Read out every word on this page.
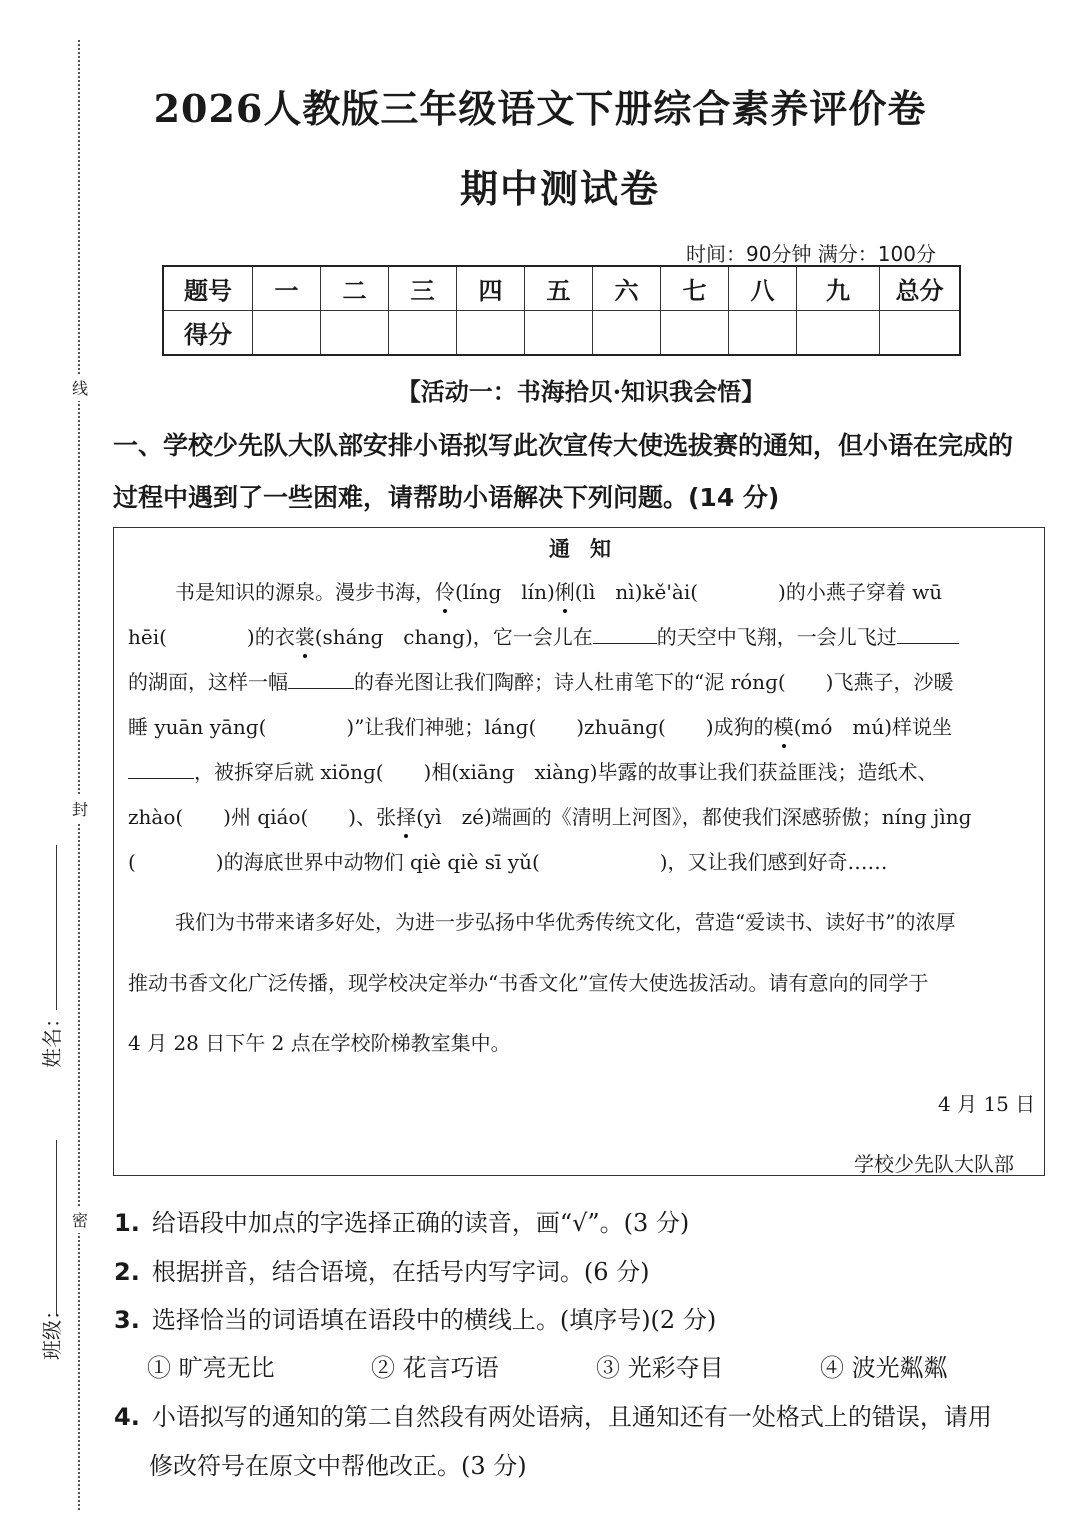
线
封
密
姓名：
班级：
2026人教版三年级语文下册综合素养评价卷
期中测试卷
时间：90分钟 满分：100分
题号	一	二	三	四	五	六	七	八	九	总分
得分										
【活动一：书海拾贝·知识我会悟】
一、学校少先队大队部安排小语拟写此次宣传大使选拔赛的通知，但小语在完成的
过程中遇到了一些困难，请帮助小语解决下列问题。(14 分)
通知
书是知识的源泉。漫步书海，伶(líng　lín)俐(lì　nì)kě'ài(　　　　)的小燕子穿着 wū
hēi(　　　　)的衣裳(shánɡ　chang)，它一会儿在	的天空中飞翔，一会儿飞过
的湖面，这样一幅	的春光图让我们陶醉；诗人杜甫笔下的“泥 rónɡ(　　)飞燕子，沙暖
睡 yuān yānɡ(　　　　)”让我们神驰；lánɡ(　　)zhuānɡ(　　)成狗的模(mó　mú)样说坐
，被拆穿后就 xiōnɡ(　　)相(xiānɡ　xiànɡ)毕露的故事让我们获益匪浅；造纸术、
zhào(　　)州 qiáo(　　)、张择(yì　zé)端画的《清明上河图》，都使我们深感骄傲；nínɡ jìnɡ
(　　　　)的海底世界中动物们 qiè qiè sī yǔ(　　　　　　)，又让我们感到好奇……
我们为书带来诸多好处，为进一步弘扬中华优秀传统文化，营造“爱读书、读好书”的浓厚
推动书香文化广泛传播，现学校决定举办“书香文化”宣传大使选拔活动。请有意向的同学于
4 月 28 日下午 2 点在学校阶梯教室集中。
4 月 15 日
学校少先队大队部
1. 给语段中加点的字选择正确的读音，画“√”。(3 分)
2. 根据拼音，结合语境，在括号内写字词。(6 分)
3. 选择恰当的词语填在语段中的横线上。(填序号)(2 分)
① 旷亮无比	② 花言巧语	③ 光彩夺目	④ 波光粼粼
4. 小语拟写的通知的第二自然段有两处语病，且通知还有一处格式上的错误，请用
修改符号在原文中帮他改正。(3 分)
